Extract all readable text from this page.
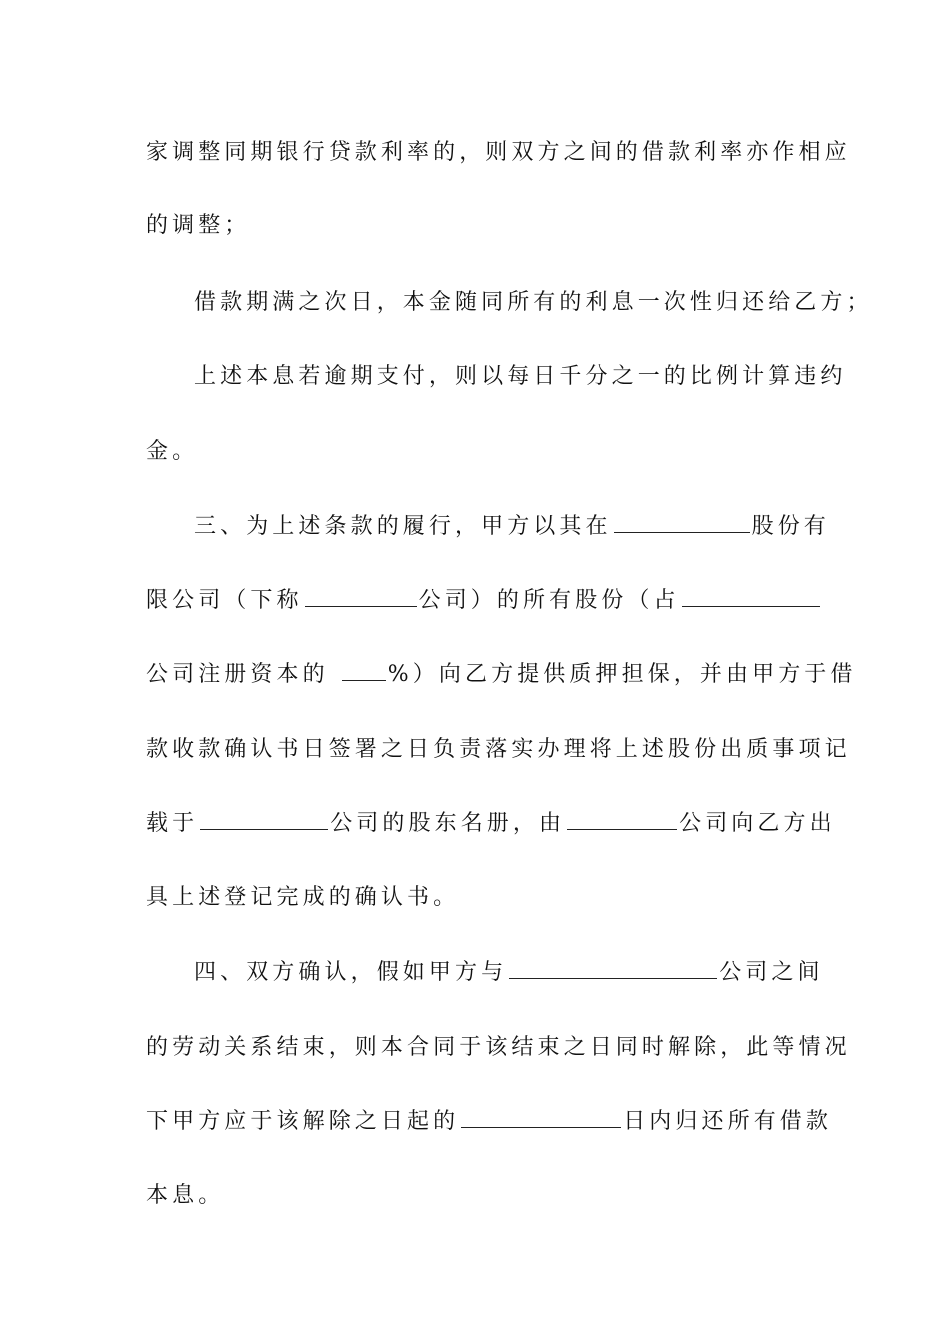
家调整同期银行贷款利率的，则双方之间的借款利率亦作相应
的调整；
借款期满之次日，本金随同所有的利息一次性归还给乙方；
上述本息若逾期支付，则以每日千分之一的比例计算违约
金。
三、为上述条款的履行，甲方以其在	股份有
限公司（下称	公司）的所有股份（占
公司注册资本的 %）向乙方提供质押担保，并由甲方于借
款收款确认书日签署之日负责落实办理将上述股份出质事项记
载于	公司的股东名册，由	公司向乙方出
具上述登记完成的确认书。
四、双方确认，假如甲方与	公司之间
的劳动关系结束，则本合同于该结束之日同时解除，此等情况
下甲方应于该解除之日起的	日内归还所有借款
本息。
